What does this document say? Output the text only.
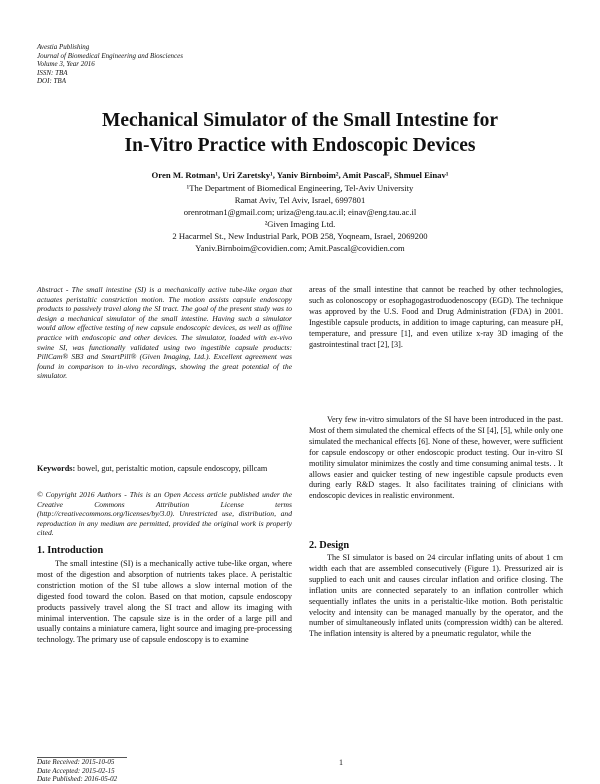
Avestia Publishing
Journal of Biomedical Engineering and Biosciences
Volume 3, Year 2016
ISSN: TBA
DOI: TBA
Mechanical Simulator of the Small Intestine for
In-Vitro Practice with Endoscopic Devices
Oren M. Rotman¹, Uri Zaretsky¹, Yaniv Birnboim², Amit Pascal², Shmuel Einav¹
¹The Department of Biomedical Engineering, Tel-Aviv University
Ramat Aviv, Tel Aviv, Israel, 6997801
orenrotman1@gmail.com; uriza@eng.tau.ac.il; einav@eng.tau.ac.il
²Given Imaging Ltd.
2 Hacarmel St., New Industrial Park, POB 258, Yoqneam, Israel, 2069200
Yaniv.Birnboim@covidien.com; Amit.Pascal@covidien.com

Abstract - The small intestine (SI) is a mechanically active tube-like organ that actuates peristaltic constriction motion. The motion assists capsule endoscopy products to passively travel along the SI tract. The goal of the present study was to design a mechanical simulator of the small intestine. Having such a simulator would allow effective testing of new capsule endoscopic devices, as well as offline practice with endoscopic and other devices. The simulator, loaded with ex-vivo swine SI, was functionally validated using two ingestible capsule products: PillCam® SB3 and SmartPill® (Given Imaging, Ltd.). Excellent agreement was found in comparison to in-vivo recordings, showing the great potential of the simulator.

Keywords: bowel, gut, peristaltic motion, capsule endoscopy, pillcam

© Copyright 2016 Authors - This is an Open Access article published under the Creative Commons Attribution License terms (http://creativecommons.org/licenses/by/3.0). Unrestricted use, distribution, and reproduction in any medium are permitted, provided the original work is properly cited.

1. Introduction

The small intestine (SI) is a mechanically active tube-like organ, where most of the digestion and absorption of nutrients takes place. A peristaltic constriction motion of the SI tube allows a slow internal motion of the digested food toward the colon. Based on that motion, capsule endoscopy products passively travel along the SI tract and allow its imaging with minimal intervention. The capsule size is in the order of a large pill and usually contains a miniature camera, light source and imaging pre-processing technology. The primary use of capsule endoscopy is to examine

areas of the small intestine that cannot be reached by other technologies, such as colonoscopy or esophagogastroduodenoscopy (EGD). The technique was approved by the U.S. Food and Drug Administration (FDA) in 2001. Ingestible capsule products, in addition to image capturing, can measure pH, temperature, and pressure [1], and even utilize x-ray 3D imaging of the gastrointestinal tract [2], [3].

Very few in-vitro simulators of the SI have been introduced in the past. Most of them simulated the chemical effects of the SI [4], [5], while only one simulated the mechanical effects [6]. None of these, however, were sufficient for capsule endoscopy or other endoscopic product testing. Our in-vitro SI motility simulator minimizes the costly and time consuming animal tests. . It allows easier and quicker testing of new ingestible capsule products even during early R&D stages. It also facilitates training of clinicians with endoscopic devices in realistic environment.

2. Design

The SI simulator is based on 24 circular inflating units of about 1 cm width each that are assembled consecutively (Figure 1). Pressurized air is supplied to each unit and causes circular inflation and orifice closing. The inflation units are connected separately to an inflation controller which sequentially inflates the units in a peristaltic-like motion. Both peristaltic velocity and intensity can be managed manually by the operator, and the number of simultaneously inflated units (compression width) can be altered. The inflation intensity is altered by a pneumatic regulator, while the

Date Received: 2015-10-05
Date Accepted: 2015-02-15
Date Published: 2016-05-02
1
